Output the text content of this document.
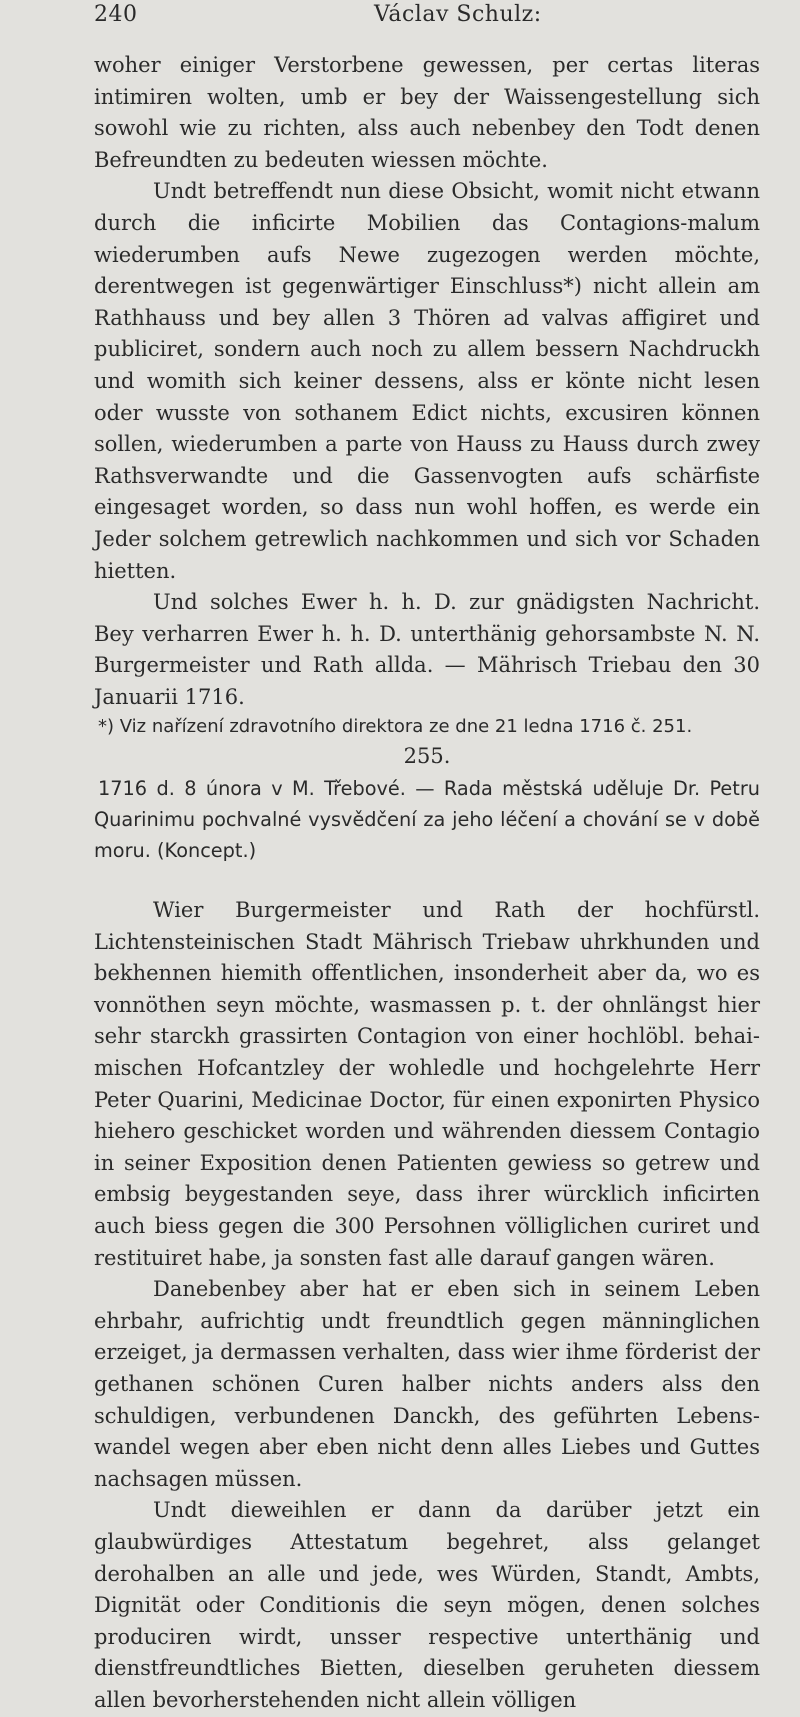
240	Václav Schulz:

woher einiger Verstorbene gewessen, per certas literas intimiren wolten, umb er bey der Waissengestellung sich sowohl wie zu richten, alss auch nebenbey den Todt denen Befreundten zu bedeuten wiessen möchte.

Undt betreffendt nun diese Obsicht, womit nicht etwann durch die inficirte Mobilien das Contagions-malum wiederumben aufs Newe zugezogen werden möchte, derentwegen ist gegenwärtiger Einschluss*) nicht allein am Rathhauss und bey allen 3 Thören ad valvas affigiret und publiciret, sondern auch noch zu allem bessern Nachdruckh und womith sich keiner dessens, alss er könte nicht lesen oder wusste von sothanem Edict nichts, excusiren können sollen, wiederumben a parte von Hauss zu Hauss durch zwey Rathsverwandte und die Gassenvogten aufs schärfiste eingesaget worden, so dass nun wohl hoffen, es werde ein Jeder solchem getrewlich nachkommen und sich vor Schaden hietten.

Und solches Ewer h. h. D. zur gnädigsten Nachricht. Bey verharren Ewer h. h. D. unterthänig gehorsambste N. N. Burgermeister und Rath allda. — Mährisch Triebau den 30 Januarii 1716.

*) Viz nařízení zdravotního direktora ze dne 21 ledna 1716 č. 251.

255.

1716 d. 8 února v M. Třebové. — Rada městská uděluje Dr. Petru Quarinimu pochvalné vysvědčení za jeho léčení a chování se v době moru. (Koncept.)

Wier Burgermeister und Rath der hochfürstl. Lichtensteinischen Stadt Mährisch Triebaw uhrkhunden und bekhennen hiemith offentlichen, insonderheit aber da, wo es vonnöthen seyn möchte, wasmassen p. t. der ohnlängst hier sehr starckh grassirten Contagion von einer hochlöbl. behaimischen Hofcantzley der wohledle und hochgelehrte Herr Peter Quarini, Medicinae Doctor, für einen exponirten Physico hiehero geschicket worden und währenden diessem Contagio in seiner Exposition denen Patienten gewiess so getrew und embsig beygestanden seye, dass ihrer würcklich inficirten auch biess gegen die 300 Persohnen völliglichen curiret und restituiret habe, ja sonsten fast alle darauf gangen wären.

Danebenbey aber hat er eben sich in seinem Leben ehrbahr, aufrichtig undt freundtlich gegen männinglichen erzeiget, ja dermassen verhalten, dass wier ihme förderist der gethanen schönen Curen halber nichts anders alss den schuldigen, verbundenen Danckh, des geführten Lebenswandel wegen aber eben nicht denn alles Liebes und Guttes nachsagen müssen.

Undt dieweihlen er dann da darüber jetzt ein glaubwürdiges Attestatum begehret, alss gelanget derohalben an alle und jede, wes Würden, Standt, Ambts, Dignität oder Conditionis die seyn mögen, denen solches produciren wirdt, unsser respective unterthänig und dienstfreundtliches Bietten, dieselben geruheten diessem allen bevorherstehenden nicht allein völligen
